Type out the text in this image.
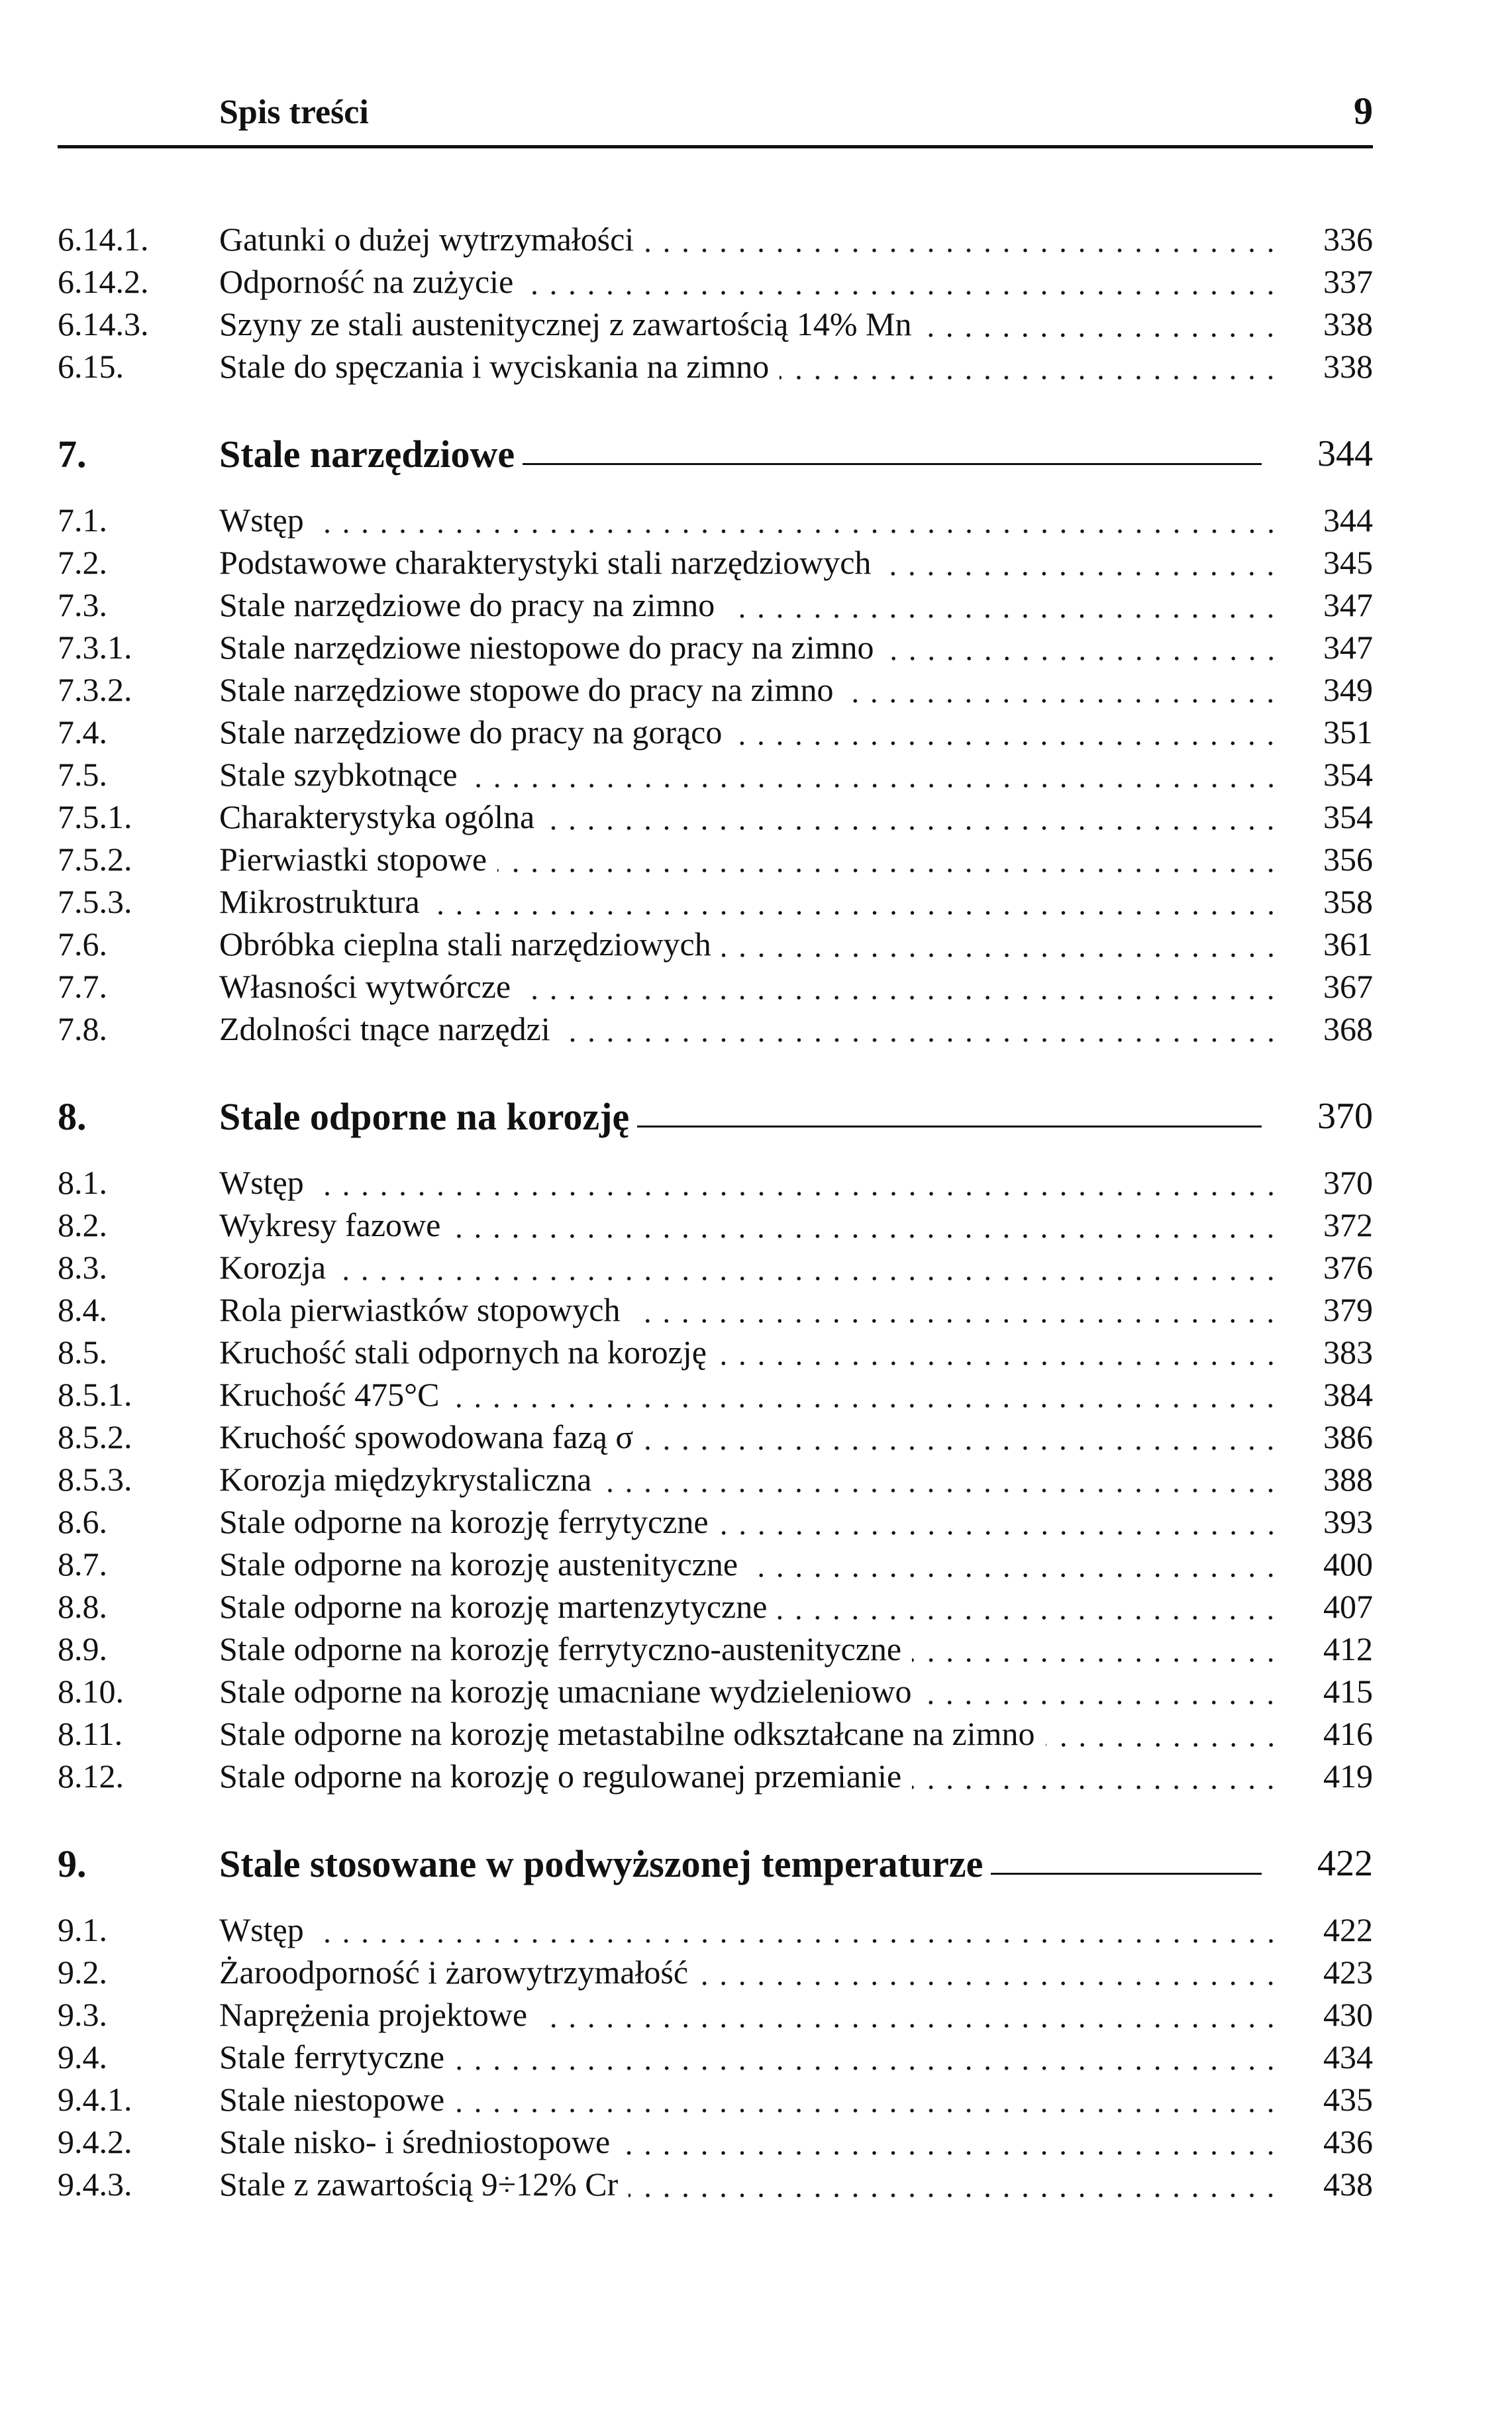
Spis treści	9
6.14.1.	Gatunki o dużej wytrzymałości	336
6.14.2.	Odporność na zużycie	337
6.14.3.	Szyny ze stali austenitycznej z zawartością 14% Mn	338
6.15.	Stale do spęczania i wyciskania na zimno	338
7.	Stale narzędziowe	344
7.1.	Wstęp	344
7.2.	Podstawowe charakterystyki stali narzędziowych	345
7.3.	Stale narzędziowe do pracy na zimno	347
7.3.1.	Stale narzędziowe niestopowe do pracy na zimno	347
7.3.2.	Stale narzędziowe stopowe do pracy na zimno	349
7.4.	Stale narzędziowe do pracy na gorąco	351
7.5.	Stale szybkotnące	354
7.5.1.	Charakterystyka ogólna	354
7.5.2.	Pierwiastki stopowe	356
7.5.3.	Mikrostruktura	358
7.6.	Obróbka cieplna stali narzędziowych	361
7.7.	Własności wytwórcze	367
7.8.	Zdolności tnące narzędzi	368
8.	Stale odporne na korozję	370
8.1.	Wstęp	370
8.2.	Wykresy fazowe	372
8.3.	Korozja	376
8.4.	Rola pierwiastków stopowych	379
8.5.	Kruchość stali odpornych na korozję	383
8.5.1.	Kruchość 475°C	384
8.5.2.	Kruchość spowodowana fazą σ	386
8.5.3.	Korozja międzykrystaliczna	388
8.6.	Stale odporne na korozję ferrytyczne	393
8.7.	Stale odporne na korozję austenityczne	400
8.8.	Stale odporne na korozję martenzytyczne	407
8.9.	Stale odporne na korozję ferrytyczno-austenityczne	412
8.10.	Stale odporne na korozję umacniane wydzieleniowo	415
8.11.	Stale odporne na korozję metastabilne odkształcane na zimno	416
8.12.	Stale odporne na korozję o regulowanej przemianie	419
9.	Stale stosowane w podwyższonej temperaturze	422
9.1.	Wstęp	422
9.2.	Żaroodporność i żarowytrzymałość	423
9.3.	Naprężenia projektowe	430
9.4.	Stale ferrytyczne	434
9.4.1.	Stale niestopowe	435
9.4.2.	Stale nisko- i średniostopowe	436
9.4.3.	Stale z zawartością 9÷12% Cr	438
